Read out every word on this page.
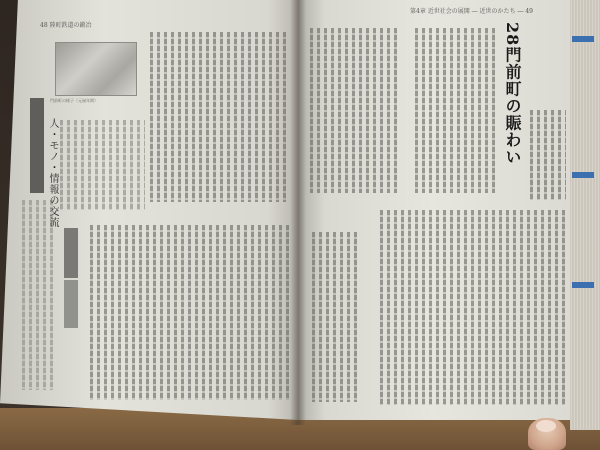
48 陸町鉄道の鍛冶
第4章 近世社会の展開 ― 近世のかたち ― 49
門前町の様子（元禄年間）
人・モノ・情報の交流
28門前町の賑わい
